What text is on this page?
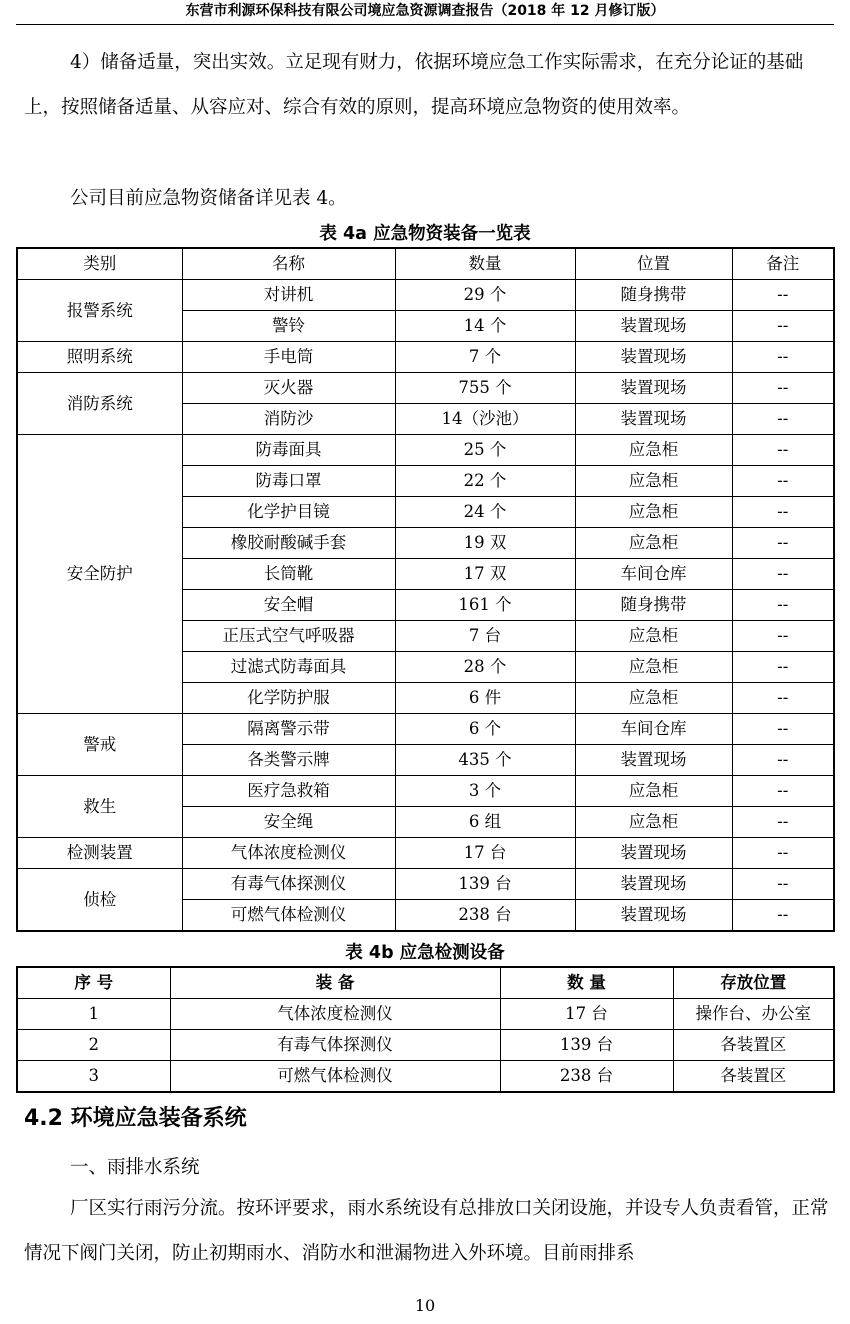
东营市利源环保科技有限公司境应急资源调查报告（2018 年 12 月修订版）

4）储备适量，突出实效。立足现有财力，依据环境应急工作实际需求，在充分论证的基础上，按照储备适量、从容应对、综合有效的原则，提高环境应急物资的使用效率。

公司目前应急物资储备详见表 4。

表 4a 应急物资装备一览表
类别	名称	数量	位置	备注
报警系统	对讲机	29 个	随身携带	--
	警铃	14 个	装置现场	--
照明系统	手电筒	7 个	装置现场	--
消防系统	灭火器	755 个	装置现场	--
	消防沙	14（沙池）	装置现场	--
安全防护	防毒面具	25 个	应急柜	--
	防毒口罩	22 个	应急柜	--
	化学护目镜	24 个	应急柜	--
	橡胶耐酸碱手套	19 双	应急柜	--
	长筒靴	17 双	车间仓库	--
	安全帽	161 个	随身携带	--
	正压式空气呼吸器	7 台	应急柜	--
	过滤式防毒面具	28 个	应急柜	--
	化学防护服	6 件	应急柜	--
警戒	隔离警示带	6 个	车间仓库	--
	各类警示牌	435 个	装置现场	--
救生	医疗急救箱	3 个	应急柜	--
	安全绳	6 组	应急柜	--
检测装置	气体浓度检测仪	17 台	装置现场	--
侦检	有毒气体探测仪	139 台	装置现场	--
	可燃气体检测仪	238 台	装置现场	--
表 4b 应急检测设备
序 号	装 备	数 量	存放位置
1	气体浓度检测仪	17 台	操作台、办公室
2	有毒气体探测仪	139 台	各装置区
3	可燃气体检测仪	238 台	各装置区
4.2 环境应急装备系统

一、雨排水系统

厂区实行雨污分流。按环评要求，雨水系统设有总排放口关闭设施，并设专人负责看管，正常情况下阀门关闭，防止初期雨水、消防水和泄漏物进入外环境。目前雨排系

10
